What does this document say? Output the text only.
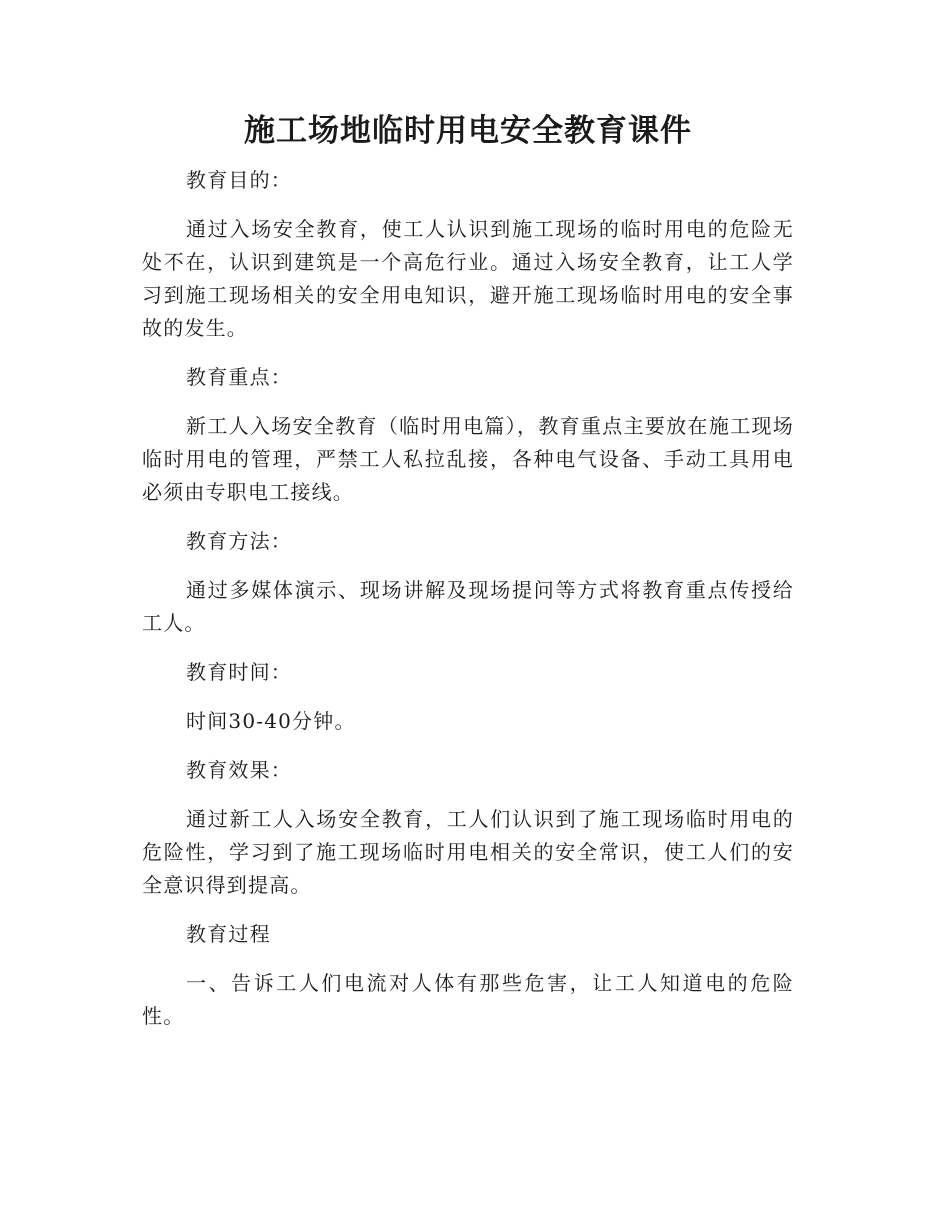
施工场地临时用电安全教育课件

教育目的：

通过入场安全教育，使工人认识到施工现场的临时用电的危险无处不在，认识到建筑是一个高危行业。通过入场安全教育，让工人学习到施工现场相关的安全用电知识，避开施工现场临时用电的安全事故的发生。

教育重点：

新工人入场安全教育（临时用电篇），教育重点主要放在施工现场临时用电的管理，严禁工人私拉乱接，各种电气设备、手动工具用电必须由专职电工接线。

教育方法：

通过多媒体演示、现场讲解及现场提问等方式将教育重点传授给工人。

教育时间：

时间30-40分钟。

教育效果：

通过新工人入场安全教育，工人们认识到了施工现场临时用电的危险性，学习到了施工现场临时用电相关的安全常识，使工人们的安全意识得到提高。

教育过程

一、告诉工人们电流对人体有那些危害，让工人知道电的危险性。
